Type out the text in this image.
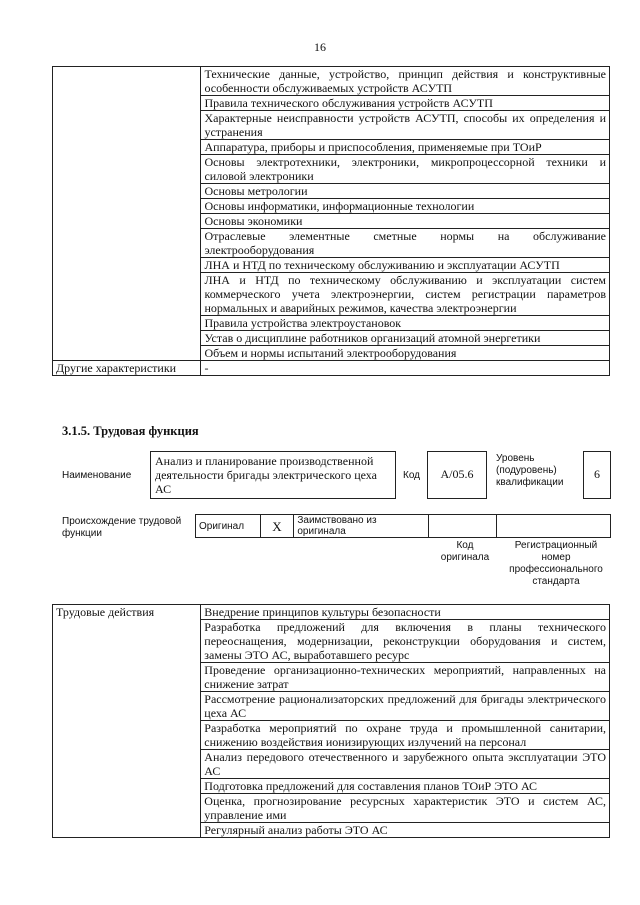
16
	Технические данные, устройство, принцип действия и конструктивные особенности обслуживаемых устройств АСУТП
	Правила технического обслуживания устройств АСУТП
	Характерные неисправности устройств АСУТП, способы их определения и устранения
	Аппаратура, приборы и приспособления, применяемые при ТОиР
	Основы электротехники, электроники, микропроцессорной техники и силовой электроники
	Основы метрологии
	Основы информатики, информационные технологии
	Основы экономики
	Отраслевые элементные сметные нормы на обслуживание электрооборудования
	ЛНА и НТД по техническому обслуживанию и эксплуатации АСУТП
	ЛНА и НТД по техническому обслуживанию и эксплуатации систем коммерческого учета электроэнергии, систем регистрации параметров нормальных и аварийных режимов, качества электроэнергии
	Правила устройства электроустановок
	Устав о дисциплине работников организаций атомной энергетики
	Объем и нормы испытаний электрооборудования
Другие характеристики	-
3.1.5. Трудовая функция
Наименование
Анализ и планирование производственной деятельности бригады электрического цеха АС
Код	A/05.6
Уровень (подуровень) квалификации
6
Происхождение трудовой функции
Оригинал	X	Заимствовано из оригинала		
Код оригинала
Регистрационный номер профессионального стандарта
Трудовые действия	Внедрение принципов культуры безопасности
Разработка предложений для включения в планы технического переоснащения, модернизации, реконструкции оборудования и систем, замены ЭТО АС, выработавшего ресурс
Проведение организационно-технических мероприятий, направленных на снижение затрат
Рассмотрение рационализаторских предложений для бригады электрического цеха АС
Разработка мероприятий по охране труда и промышленной санитарии, снижению воздействия ионизирующих излучений на персонал
Анализ передового отечественного и зарубежного опыта эксплуатации ЭТО АС
Подготовка предложений для составления планов ТОиР ЭТО АС
Оценка, прогнозирование ресурсных характеристик ЭТО и систем АС, управление ими
Регулярный анализ работы ЭТО АС
